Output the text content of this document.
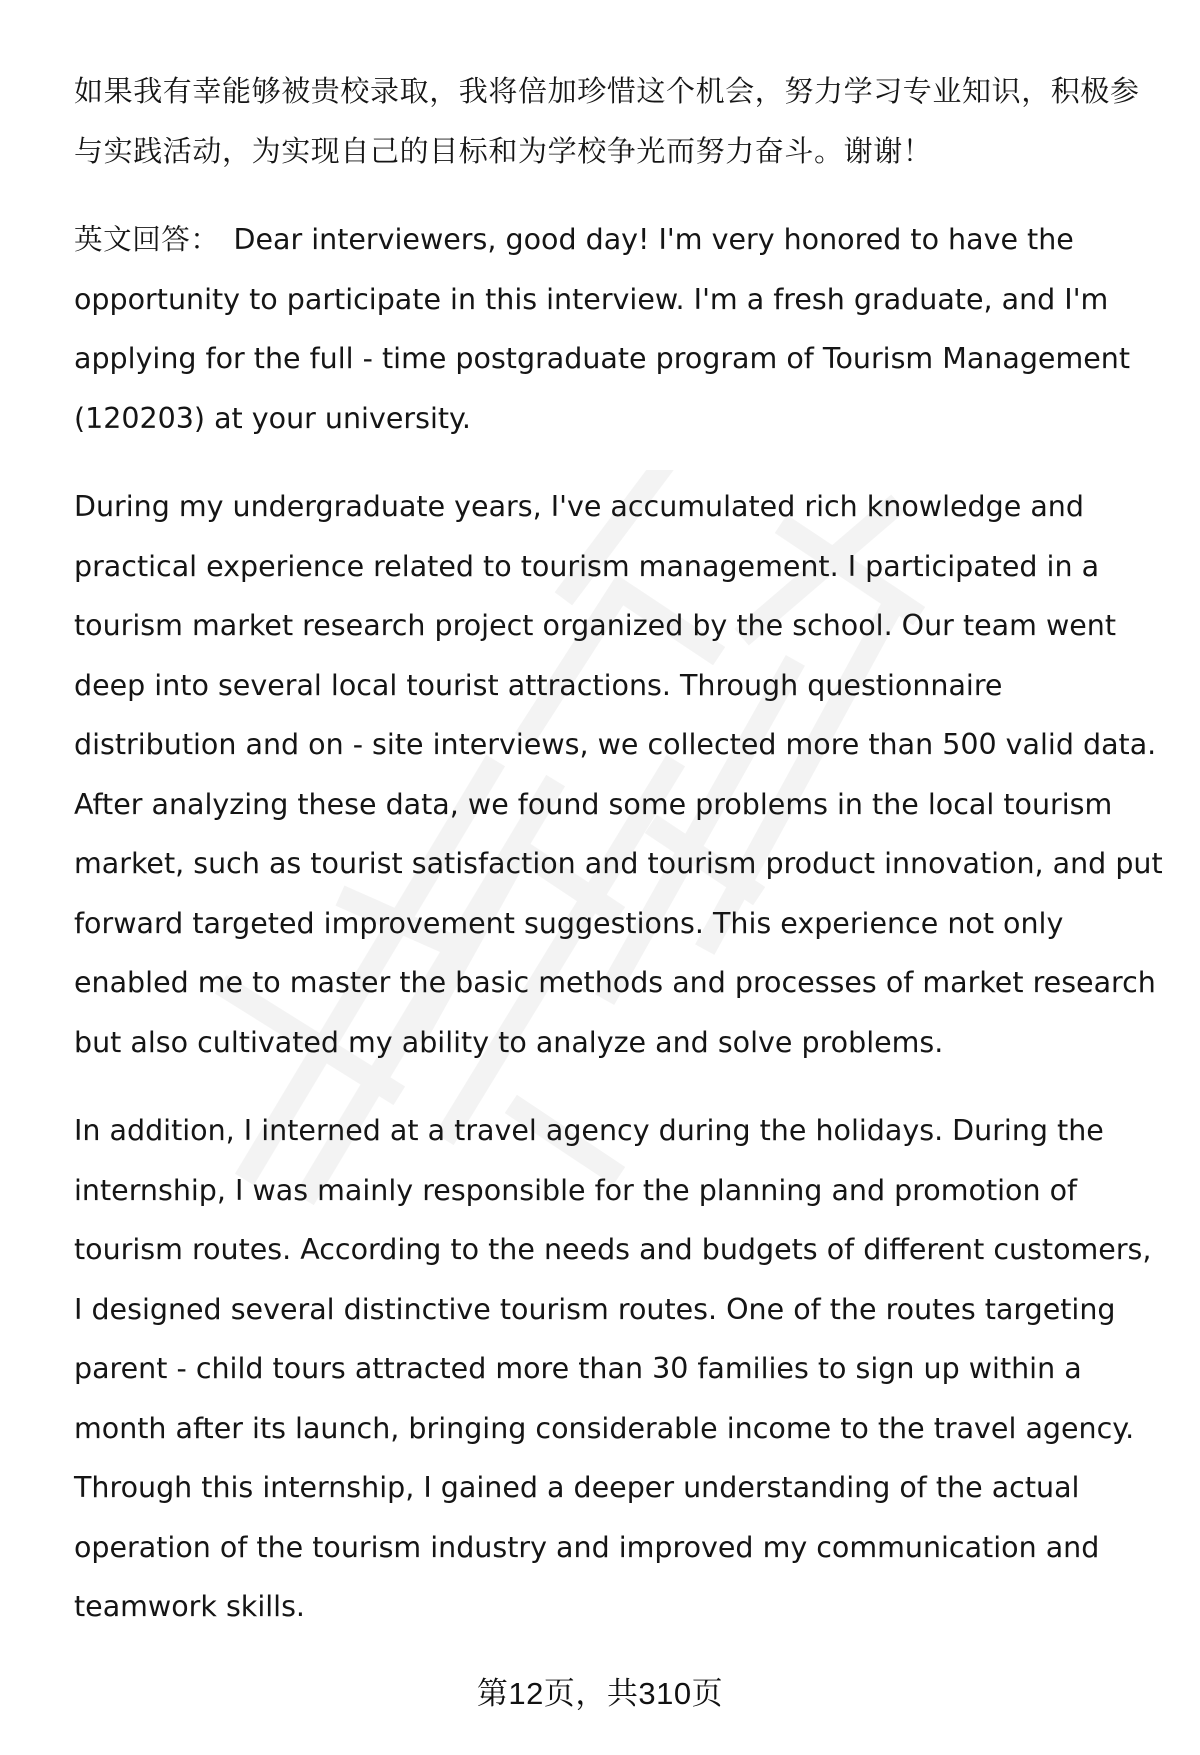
如果我有幸能够被贵校录取，我将倍加珍惜这个机会，努力学习专业知识，积极参与实践活动，为实现自己的目标和为学校争光而努力奋斗。谢谢！

英文回答： Dear interviewers, good day! I'm very honored to have the opportunity to participate in this interview. I'm a fresh graduate, and I'm applying for the full - time postgraduate program of Tourism Management (120203) at your university.

During my undergraduate years, I've accumulated rich knowledge and practical experience related to tourism management. I participated in a tourism market research project organized by the school. Our team went deep into several local tourist attractions. Through questionnaire distribution and on - site interviews, we collected more than 500 valid data. After analyzing these data, we found some problems in the local tourism market, such as tourist satisfaction and tourism product innovation, and put forward targeted improvement suggestions. This experience not only enabled me to master the basic methods and processes of market research but also cultivated my ability to analyze and solve problems.

In addition, I interned at a travel agency during the holidays. During the internship, I was mainly responsible for the planning and promotion of tourism routes. According to the needs and budgets of different customers, I designed several distinctive tourism routes. One of the routes targeting parent - child tours attracted more than 30 families to sign up within a month after its launch, bringing considerable income to the travel agency. Through this internship, I gained a deeper understanding of the actual operation of the tourism industry and improved my communication and teamwork skills.

第12页，共310页
